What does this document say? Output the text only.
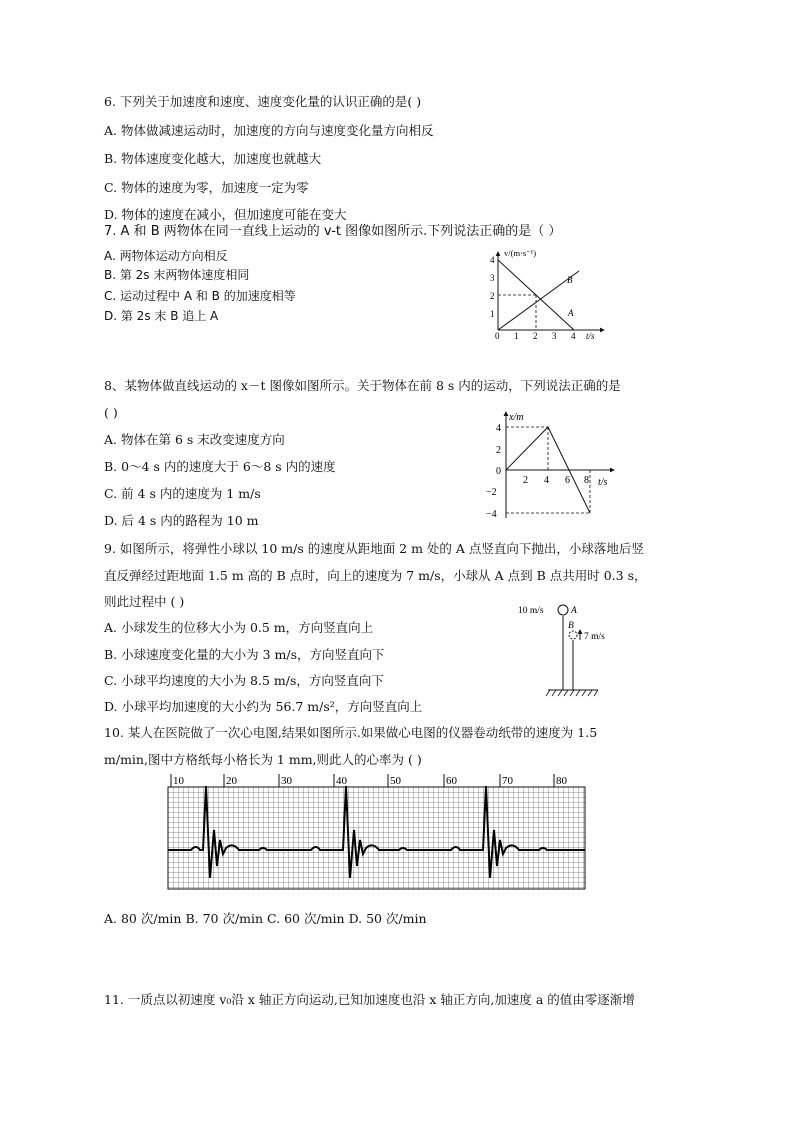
6. 下列关于加速度和速度、速度变化量的认识正确的是( )
A. 物体做减速运动时，加速度的方向与速度变化量方向相反
B. 物体速度变化越大，加速度也就越大
C. 物体的速度为零，加速度一定为零
D. 物体的速度在减小，但加速度可能在变大
7. A 和 B 两物体在同一直线上运动的 v-t 图像如图所示.下列说法正确的是（ ）
A. 两物体运动方向相反
B. 第 2s 末两物体速度相同
C. 运动过程中 A 和 B 的加速度相等
D. 第 2s 末 B 追上 A
v/(m·s⁻¹)
t/s
1
2
3
4
0 1 2 3 4
A
B
8、某物体做直线运动的 x－t 图像如图所示。关于物体在前 8 s 内的运动，下列说法正确的是
( )
A. 物体在第 6 s 末改变速度方向
B. 0～4 s 内的速度大于 6～8 s 内的速度
C. 前 4 s 内的速度为 1 m/s
D. 后 4 s 内的路程为 10 m
x/m
t/s
4
2
0
−2
−4
2 4 6 8
9. 如图所示，将弹性小球以 10 m/s 的速度从距地面 2 m 处的 A 点竖直向下抛出，小球落地后竖
直反弹经过距地面 1.5 m 高的 B 点时，向上的速度为 7 m/s，小球从 A 点到 B 点共用时 0.3 s，
则此过程中 ( )
A. 小球发生的位移大小为 0.5 m，方向竖直向上
B. 小球速度变化量的大小为 3 m/s，方向竖直向下
C. 小球平均速度的大小为 8.5 m/s，方向竖直向下
D. 小球平均加速度的大小约为 56.7 m/s²，方向竖直向上
10 m/s	A
B
7 m/s
10. 某人在医院做了一次心电图,结果如图所示.如果做心电图的仪器卷动纸带的速度为 1.5
m/min,图中方格纸每小格长为 1 mm,则此人的心率为 ( )
10	20	30	40	50	60	70	80
A. 80 次/min B. 70 次/min C. 60 次/min D. 50 次/min
11. 一质点以初速度 v₀沿 x 轴正方向运动,已知加速度也沿 x 轴正方向,加速度 a 的值由零逐渐增
